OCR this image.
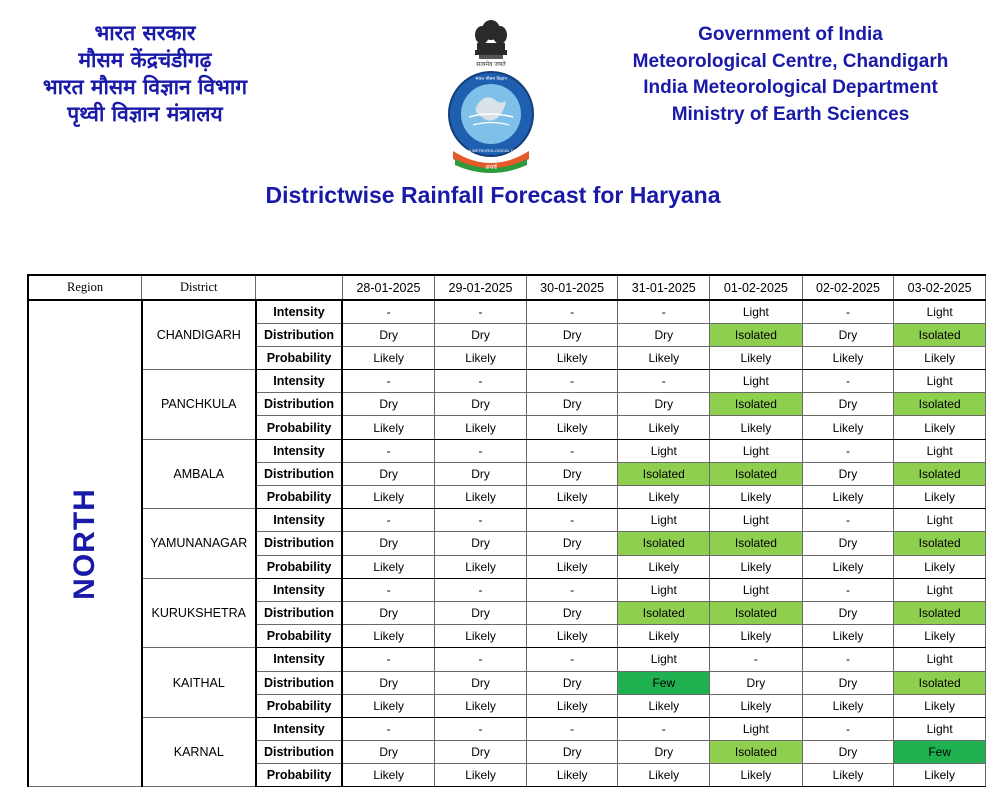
भारत सरकार
मौसम केंद्रचंडीगढ़
भारत मौसम विज्ञान विभाग
पृथ्वी विज्ञान मंत्रालय
सत्यमेव जयते
भारत मौसम विज्ञान
INDIA METEOROLOGICAL DEPT
अथर्व
Government of India
Meteorological Centre, Chandigarh
India Meteorological Department
Ministry of Earth Sciences
Districtwise Rainfall Forecast for Haryana
Region	District		28-01-2025	29-01-2025	30-01-2025	31-01-2025	01-02-2025	02-02-2025	03-02-2025
NORTH	CHANDIGARH	Intensity	-	-	-	-	Light	-	Light
		Distribution	Dry	Dry	Dry	Dry	Isolated	Dry	Isolated
		Probability	Likely	Likely	Likely	Likely	Likely	Likely	Likely
	PANCHKULA	Intensity	-	-	-	-	Light	-	Light
		Distribution	Dry	Dry	Dry	Dry	Isolated	Dry	Isolated
		Probability	Likely	Likely	Likely	Likely	Likely	Likely	Likely
	AMBALA	Intensity	-	-	-	Light	Light	-	Light
		Distribution	Dry	Dry	Dry	Isolated	Isolated	Dry	Isolated
		Probability	Likely	Likely	Likely	Likely	Likely	Likely	Likely
	YAMUNANAGAR	Intensity	-	-	-	Light	Light	-	Light
		Distribution	Dry	Dry	Dry	Isolated	Isolated	Dry	Isolated
		Probability	Likely	Likely	Likely	Likely	Likely	Likely	Likely
	KURUKSHETRA	Intensity	-	-	-	Light	Light	-	Light
		Distribution	Dry	Dry	Dry	Isolated	Isolated	Dry	Isolated
		Probability	Likely	Likely	Likely	Likely	Likely	Likely	Likely
	KAITHAL	Intensity	-	-	-	Light	-	-	Light
		Distribution	Dry	Dry	Dry	Few	Dry	Dry	Isolated
		Probability	Likely	Likely	Likely	Likely	Likely	Likely	Likely
	KARNAL	Intensity	-	-	-	-	Light	-	Light
		Distribution	Dry	Dry	Dry	Dry	Isolated	Dry	Few
		Probability	Likely	Likely	Likely	Likely	Likely	Likely	Likely
